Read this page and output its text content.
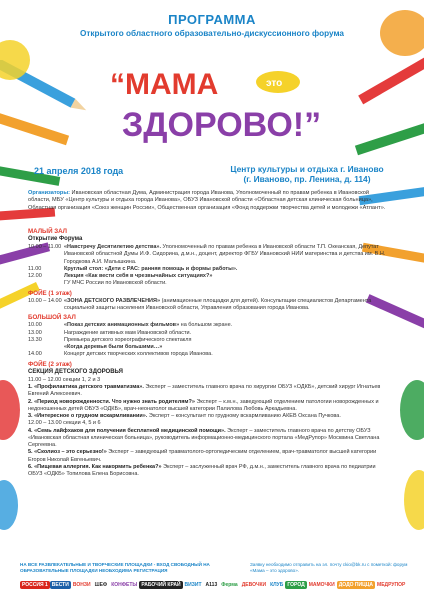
ПРОГРАММА
Открытого областного образовательно-дискуссионного форума
“МАМА	это
ЗДОРОВО!”
21 апреля 2018 года	Центр культуры и отдыха г. Иваново
(г. Иваново, пр. Ленина, д. 114)
Организаторы: Ивановская областная Дума, Администрация города Иванова, Уполномоченный по правам ребенка в Ивановской области, МБУ «Центр культуры и отдыха города Иванова», ОБУЗ Ивановской области «Областная детская клиническая больница», Областная организация «Союз женщин России», Общественная организация «Фонд поддержки творчества детей и молодежи «Атлант».
МАЛЫЙ ЗАЛ
Открытие Форума
10.00 – 11.00 «Навстречу Десятилетию детства». Уполномоченный по правам ребенка в Ивановской области Т.П. Океанская, Депутат Ивановской областной Думы И.Ф. Сидорина, д.м.н., доцент, директор ФГБУ Ивановский НИИ материнства и детства им. В.Н. Городкова А.И. Малышкина.
11.00	Круглый стол: «Дети с РАС: ранняя помощь и формы работы».
12.00	Лекция «Как вести себя в чрезвычайных ситуациях?»
ГУ МЧС России по Ивановской области.
ФОЙЕ (1 этаж)
10.00 – 14.00 «ЗОНА ДЕТСКОГО РАЗВЛЕЧЕНИЯ» (анимационные площадки для детей). Консультации специалистов Департамента социальной защиты населения Ивановской области, Управления образования города Иванова.
БОЛЬШОЙ ЗАЛ
10.00	«Показ детских анимационных фильмов» на большом экране.
13.00	Награждение активных мам Ивановской области.
13.30	Премьера детского хореографического спектакля
«Когда деревья были большими…»
14.00	Концерт детских творческих коллективов города Иванова.
ФОЙЕ (2 этаж)
СЕКЦИЯ ДЕТСКОГО ЗДОРОВЬЯ
11.00 – 12.00 секции 1, 2 и 3
1. «Профилактика детского травматизма». Эксперт – заместитель главного врача по хирургии ОБУЗ «ОДКБ», детский хирург Игнатьев Евгений Алексеевич.
2. «Период новорожденности. Что нужно знать родителям?» Эксперт – к.м.н., заведующий отделением патологии новорожденных и недоношенных детей ОБУЗ «ОДКБ», врач-неонатолог высшей категории Палилова Любовь Аркадьевна.
3. «Интересное о грудном вскармливании». Эксперт – консультант по грудному вскармливанию АКЕВ Оксана Пучкова.
12.00 – 13.00 секции 4, 5 и 6
4. «Семь лайфхаков для получения бесплатной медицинской помощи». Эксперт – заместитель главного врача по детству ОБУЗ «Ивановская областная клиническая больница», руководитель информационно-медицинского портала «МедРупор» Москвина Светлана Сергеевна.
5. «Сколиоз – это серьезно!» Эксперт – заведующий травматолого-ортопедическим отделением, врач-травматолог высшей категории Егоров Николай Евгеньевич.
6. «Пищевая аллергия. Как накормить ребенка?» Эксперт – заслуженный врач РФ, д.м.н., заместитель главного врача по педиатрии ОБУЗ «ОДКБ» Топилова Елена Борисовна.
НА ВСЕ РАЗВЛЕКАТЕЛЬНЫЕ И ТВОРЧЕСКИЕ ПЛОЩАДКИ - ВХОД СВОБОДНЫЙ НА ОБРАЗОВАТЕЛЬНЫЕ ПЛОЩАДКИ НЕОБХОДИМА РЕГИСТРАЦИЯ
Заявку необходимо отправить на эл. почту ckio@bk.ru с пометкой: форум «Мама – это здорово».
РОССИЯ 1 ВЕСТИ ВОНЗИ ШЕФ КОНФЕТЫ РАБОЧИЙ КРАЙ ВИЗИТ А113 Ферма ДЕВОЧКИ КЛУБ ГОРОД МАМОЧКИ ДОДО ПИЦЦА МЕДРУПОР
